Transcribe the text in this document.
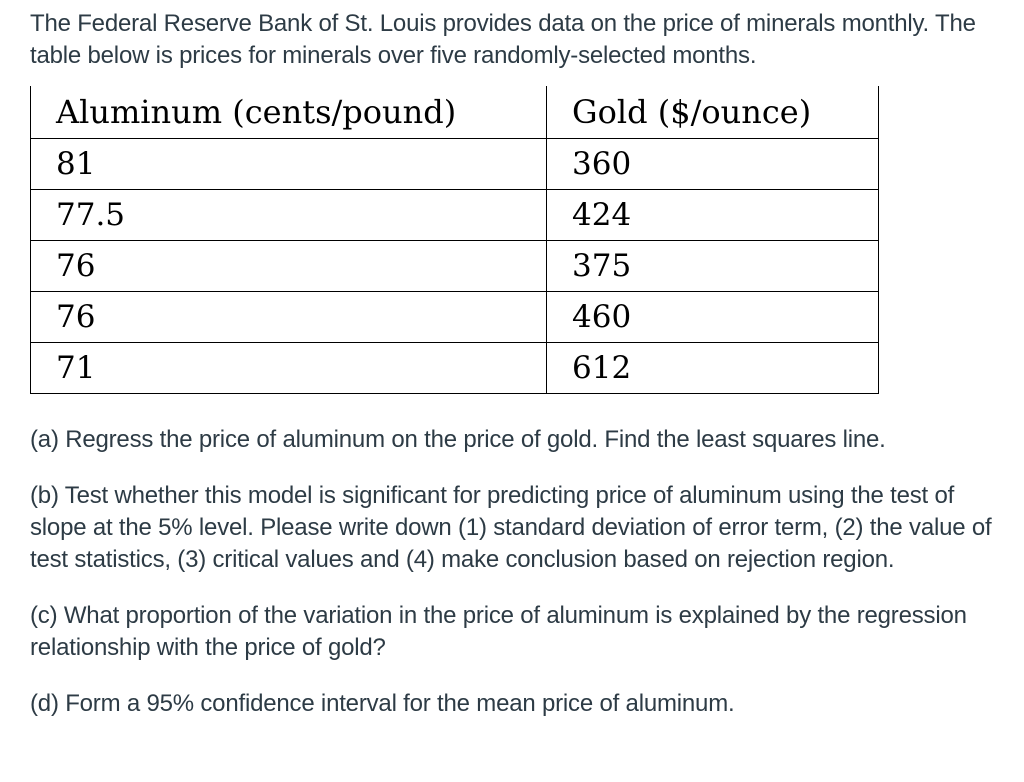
The Federal Reserve Bank of St. Louis provides data on the price of minerals monthly. The table below is prices for minerals over five randomly-selected months.

Aluminum (cents/pound)	Gold ($/ounce)
81	360
77.5	424
76	375
76	460
71	612

(a) Regress the price of aluminum on the price of gold. Find the least squares line.

(b) Test whether this model is significant for predicting price of aluminum using the test of slope at the 5% level. Please write down (1) standard deviation of error term, (2) the value of test statistics, (3) critical values and (4) make conclusion based on rejection region.

(c) What proportion of the variation in the price of aluminum is explained by the regression relationship with the price of gold?

(d) Form a 95% confidence interval for the mean price of aluminum.
